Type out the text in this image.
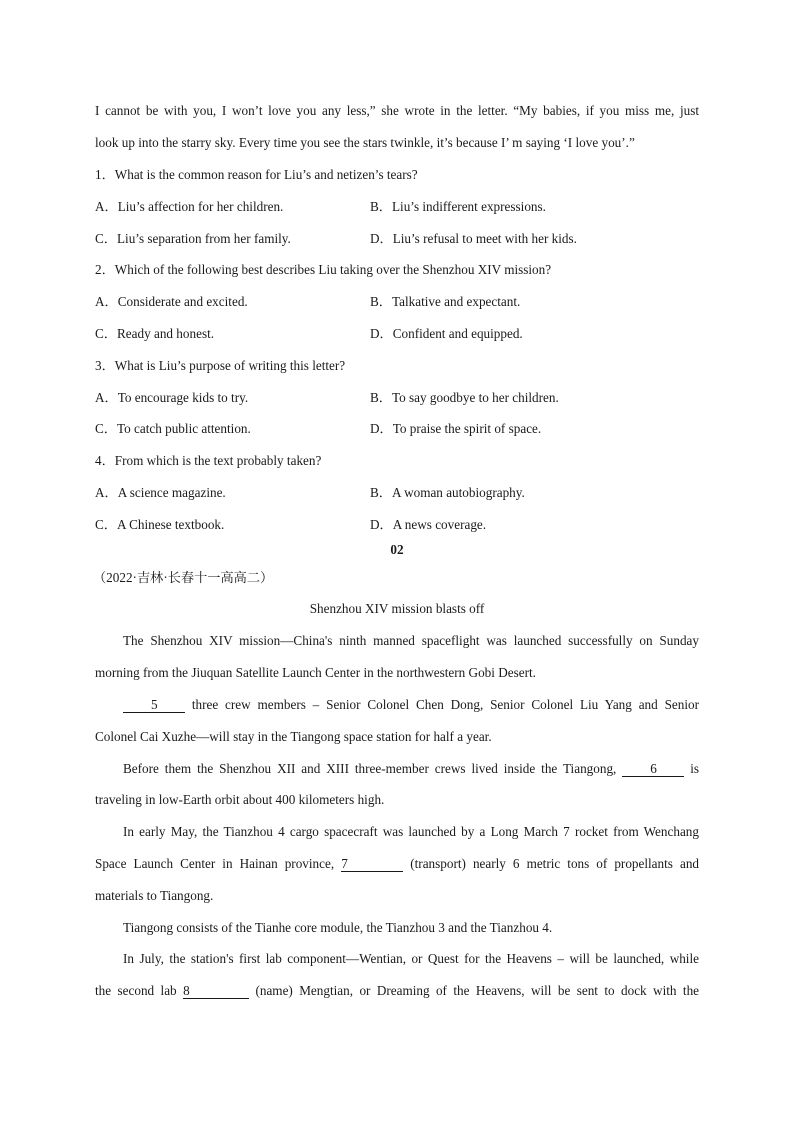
I cannot be with you, I won’t love you any less,” she wrote in the letter. “My babies, if you miss me, just
look up into the starry sky. Every time you see the stars twinkle, it’s because I’ m saying ‘I love you’.”
1．What is the common reason for Liu’s and netizen’s tears?
A．Liu’s affection for her children.	B．Liu’s indifferent expressions.
C．Liu’s separation from her family.	D．Liu’s refusal to meet with her kids.
2．Which of the following best describes Liu taking over the Shenzhou XIV mission?
A．Considerate and excited.	B．Talkative and expectant.
C．Ready and honest.	D．Confident and equipped.
3．What is Liu’s purpose of writing this letter?
A．To encourage kids to try.	B．To say goodbye to her children.
C．To catch public attention.	D．To praise the spirit of space.
4．From which is the text probably taken?
A．A science magazine.	B．A woman autobiography.
C．A Chinese textbook.	D．A news coverage.
02
（2022·吉林·长春十一高高二）
Shenzhou XIV mission blasts off
The Shenzhou XIV mission—China's ninth manned spaceflight was launched successfully on Sunday
morning from the Jiuquan Satellite Launch Center in the northwestern Gobi Desert.
5	three crew members – Senior Colonel Chen Dong, Senior Colonel Liu Yang and Senior
Colonel Cai Xuzhe—will stay in the Tiangong space station for half a year.
Before them the Shenzhou XII and XIII three-member crews lived inside the Tiangong,	6	is
traveling in low-Earth orbit about 400 kilometers high.
In early May, the Tianzhou 4 cargo spacecraft was launched by a Long March 7 rocket from Wenchang
Space Launch Center in Hainan province, 7	(transport) nearly 6 metric tons of propellants and
materials to Tiangong.
Tiangong consists of the Tianhe core module, the Tianzhou 3 and the Tianzhou 4.
In July, the station's first lab component—Wentian, or Quest for the Heavens – will be launched, while
the second lab 8	(name) Mengtian, or Dreaming of the Heavens, will be sent to dock with the
